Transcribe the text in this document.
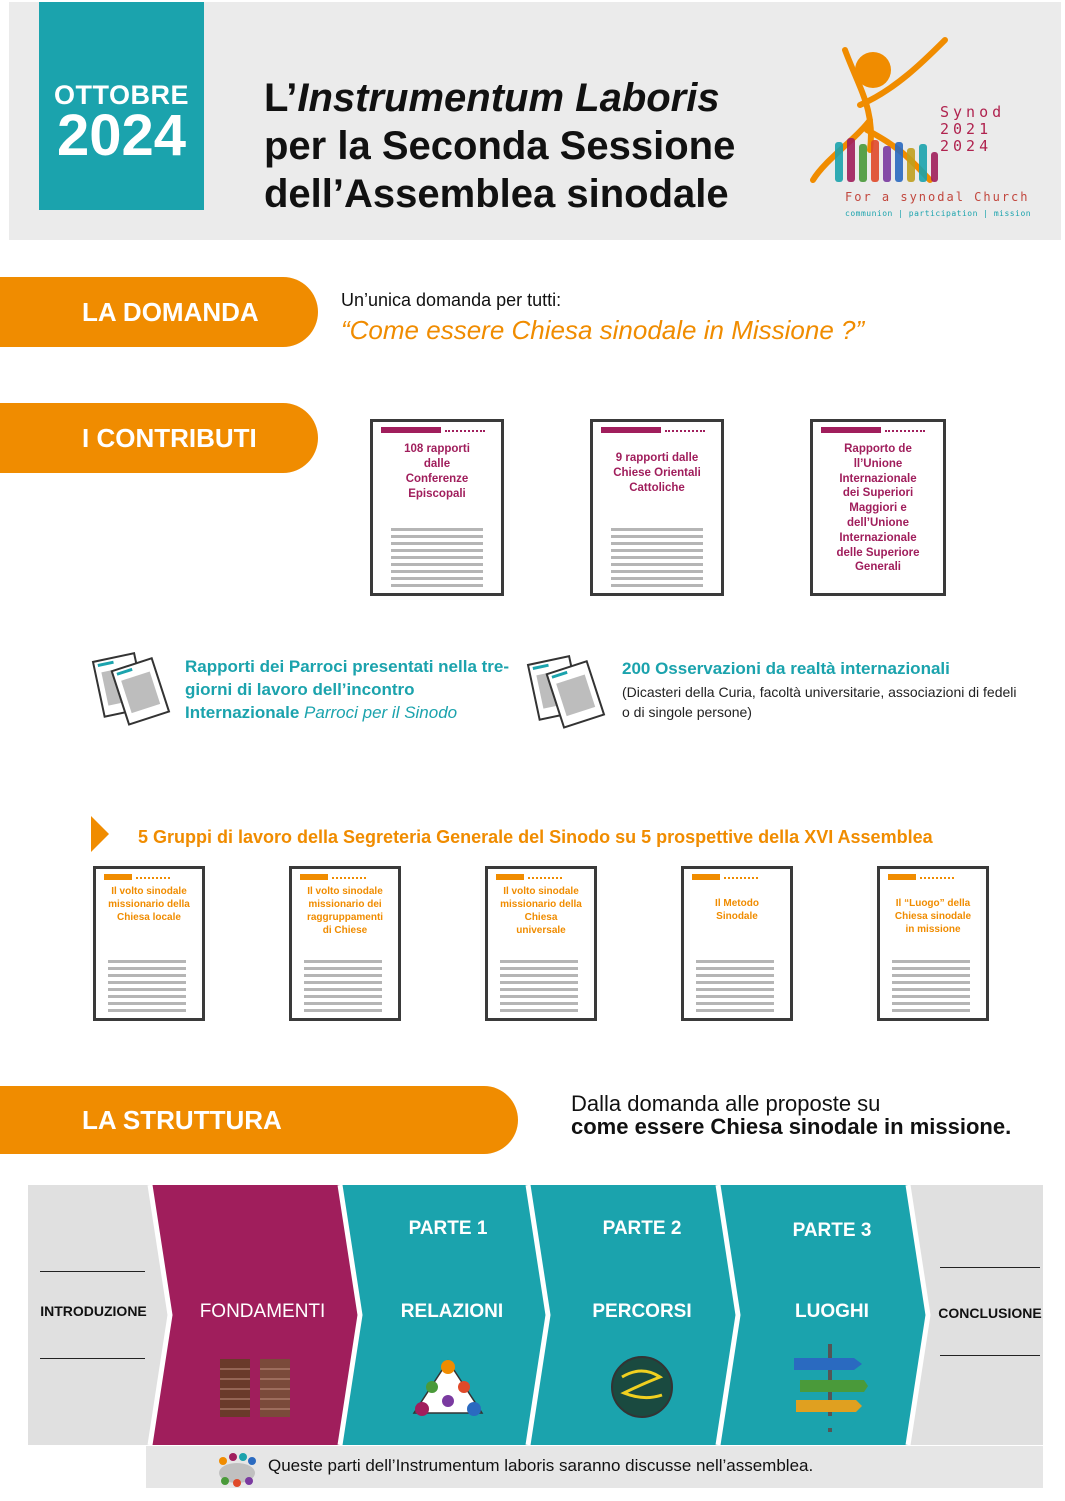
OTTOBRE
2024
L’Instrumentum Laboris
per la Seconda Sessione
dell’Assemblea sinodale
Synod
2021
2024
For a synodal Church
communion | participation | mission
LA DOMANDA	Un’unica domanda per tutti:
“Come essere Chiesa sinodale in Missione ?”
I CONTRIBUTI	108 rapporti dalle Conferenze Episcopali
9 rapporti dalle Chiese Orientali Cattoliche
Rapporto de ll’Unione Internazionale dei Superiori Maggiori e dell’Unione Internazionale delle Superiore Generali
Rapporti dei Parroci presentati nella tre-giorni di lavoro dell’incontro Internazionale Parroci per il Sinodo
200 Osservazioni da realtà internazionali
(Dicasteri della Curia, facoltà universitarie, associazioni di fedeli o di singole persone)
5 Gruppi di lavoro della Segreteria Generale del Sinodo su 5 prospettive della XVI Assemblea
Il volto sinodale missionario della Chiesa locale
Il volto sinodale missionario dei raggruppamenti di Chiese
Il volto sinodale missionario della Chiesa universale
Il Metodo Sinodale
Il “Luogo” della Chiesa sinodale in missione
LA STRUTTURA
Dalla domanda alle proposte su
come essere Chiesa sinodale in missione.
INTRODUZIONE	FONDAMENTI
PARTE 1
RELAZIONI
PARTE 2
PERCORSI
PARTE 3
LUOGHI	CONCLUSIONE
Queste parti dell’Instrumentum laboris saranno discusse nell’assemblea.
